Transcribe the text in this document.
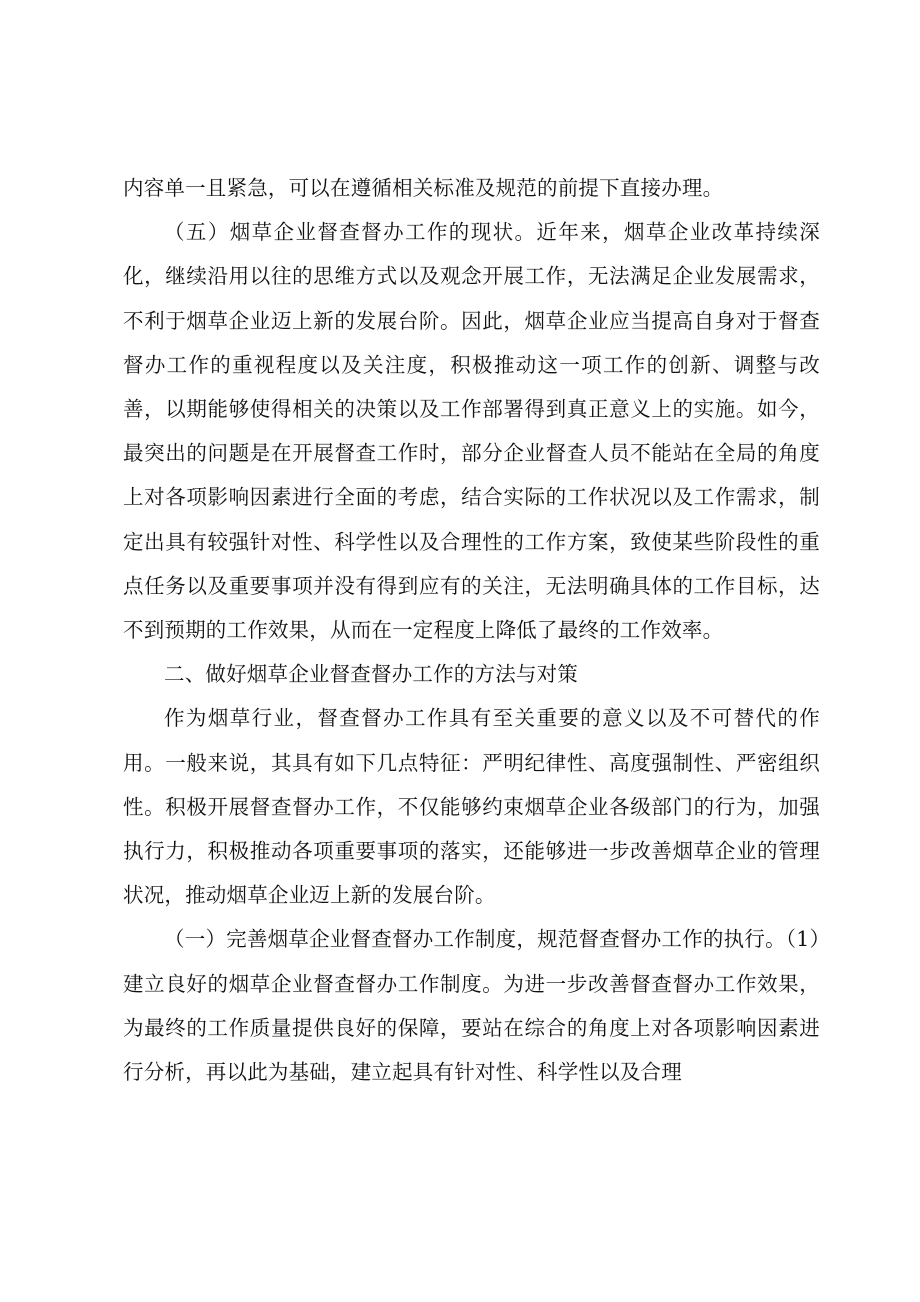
内容单一且紧急，可以在遵循相关标准及规范的前提下直接办理。

（五）烟草企业督查督办工作的现状。近年来，烟草企业改革持续深化，继续沿用以往的思维方式以及观念开展工作，无法满足企业发展需求，不利于烟草企业迈上新的发展台阶。因此，烟草企业应当提高自身对于督查督办工作的重视程度以及关注度，积极推动这一项工作的创新、调整与改善，以期能够使得相关的决策以及工作部署得到真正意义上的实施。如今，最突出的问题是在开展督查工作时，部分企业督查人员不能站在全局的角度上对各项影响因素进行全面的考虑，结合实际的工作状况以及工作需求，制定出具有较强针对性、科学性以及合理性的工作方案，致使某些阶段性的重点任务以及重要事项并没有得到应有的关注，无法明确具体的工作目标，达不到预期的工作效果，从而在一定程度上降低了最终的工作效率。

二、做好烟草企业督查督办工作的方法与对策

作为烟草行业，督查督办工作具有至关重要的意义以及不可替代的作用。一般来说，其具有如下几点特征：严明纪律性、高度强制性、严密组织性。积极开展督查督办工作，不仅能够约束烟草企业各级部门的行为，加强执行力，积极推动各项重要事项的落实，还能够进一步改善烟草企业的管理状况，推动烟草企业迈上新的发展台阶。

（一）完善烟草企业督查督办工作制度，规范督查督办工作的执行。（1）建立良好的烟草企业督查督办工作制度。为进一步改善督查督办工作效果，为最终的工作质量提供良好的保障，要站在综合的角度上对各项影响因素进行分析，再以此为基础，建立起具有针对性、科学性以及合理
